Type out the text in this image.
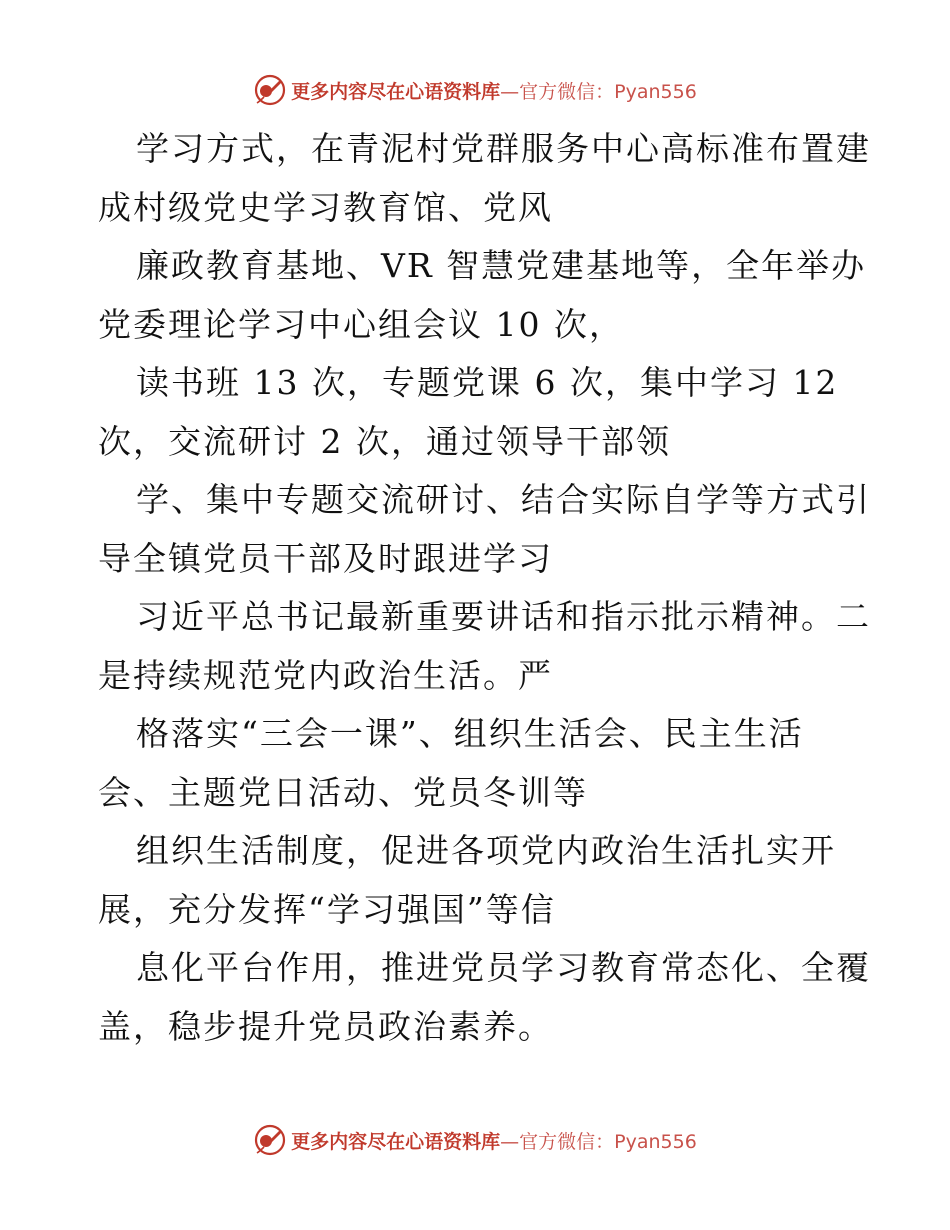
更多内容尽在心语资料库—官方微信：Pyan556
学习方式，在青泥村党群服务中心高标准布置建
成村级党史学习教育馆、党风
廉政教育基地、VR 智慧党建基地等，全年举办
党委理论学习中心组会议 10 次，
读书班 13 次，专题党课 6 次，集中学习 12
次，交流研讨 2 次，通过领导干部领
学、集中专题交流研讨、结合实际自学等方式引
导全镇党员干部及时跟进学习
习近平总书记最新重要讲话和指示批示精神。二
是持续规范党内政治生活。严
格落实“三会一课”、组织生活会、民主生活
会、主题党日活动、党员冬训等
组织生活制度，促进各项党内政治生活扎实开
展，充分发挥“学习强国”等信
息化平台作用，推进党员学习教育常态化、全覆
盖，稳步提升党员政治素养。
更多内容尽在心语资料库—官方微信：Pyan556
